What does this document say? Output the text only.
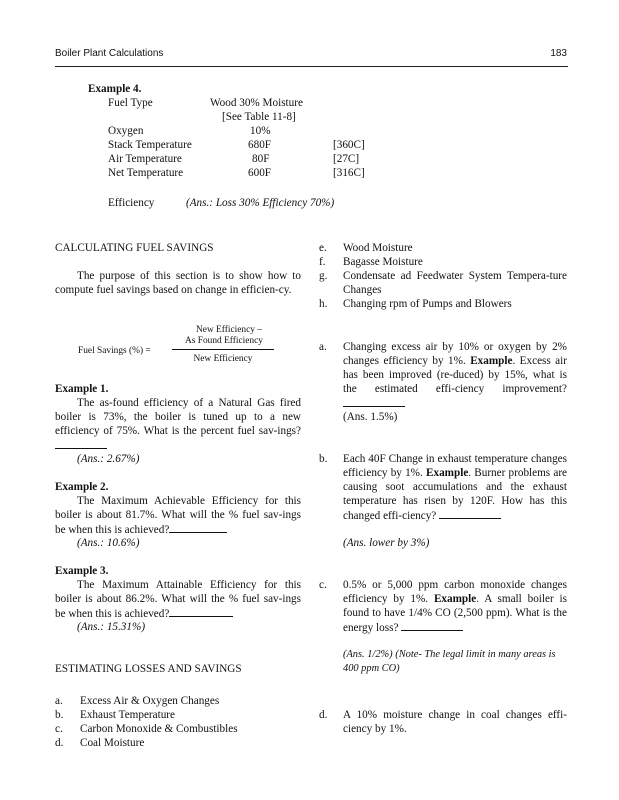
Boiler Plant Calculations	183
Example 4.
Fuel Type	Wood 30% Moisture
[See Table 11-8]
Oxygen	10%
Stack Temperature	680F	[360C]
Air Temperature	80F	[27C]
Net Temperature	600F	[316C]
Efficiency	(Ans.: Loss 30% Efficiency 70%)
CALCULATING FUEL SAVINGS
The purpose of this section is to show how to compute fuel savings based on change in efficien-cy.
Fuel Savings (%) =
New Efficiency –
As Found Efficiency
New Efficiency
Example 1.
The as-found efficiency of a Natural Gas fired boiler is 73%, the boiler is tuned up to a new efficiency of 75%. What is the percent fuel sav-ings?
(Ans.: 2.67%)
Example 2.
The Maximum Achievable Efficiency for this boiler is about 81.7%. What will the % fuel sav-ings be when this is achieved?
(Ans.: 10.6%)
Example 3.
The Maximum Attainable Efficiency for this boiler is about 86.2%. What will the % fuel sav-ings be when this is achieved?
(Ans.: 15.31%)
ESTIMATING LOSSES AND SAVINGS
a. Excess Air & Oxygen Changes
b. Exhaust Temperature
c. Carbon Monoxide & Combustibles
d. Coal Moisture
e. Wood Moisture
f. Bagasse Moisture
g. Condensate ad Feedwater System Tempera-ture Changes
h. Changing rpm of Pumps and Blowers
a. Changing excess air by 10% or oxygen by 2% changes efficiency by 1%. Example. Excess air has been improved (re-duced) by 15%, what is the estimated effi-ciency improvement?
(Ans. 1.5%)
b. Each 40F Change in exhaust temperature changes efficiency by 1%. Example. Burner problems are causing soot accumulations and the exhaust temperature has risen by 120F. How has this changed effi-ciency?
(Ans. lower by 3%)
c. 0.5% or 5,000 ppm carbon monoxide changes efficiency by 1%. Example. A small boiler is found to have 1/4% CO (2,500 ppm). What is the energy loss?
(Ans. 1/2%) (Note- The legal limit in many areas is 400 ppm CO)
d. A 10% moisture change in coal changes effi-ciency by 1%.
